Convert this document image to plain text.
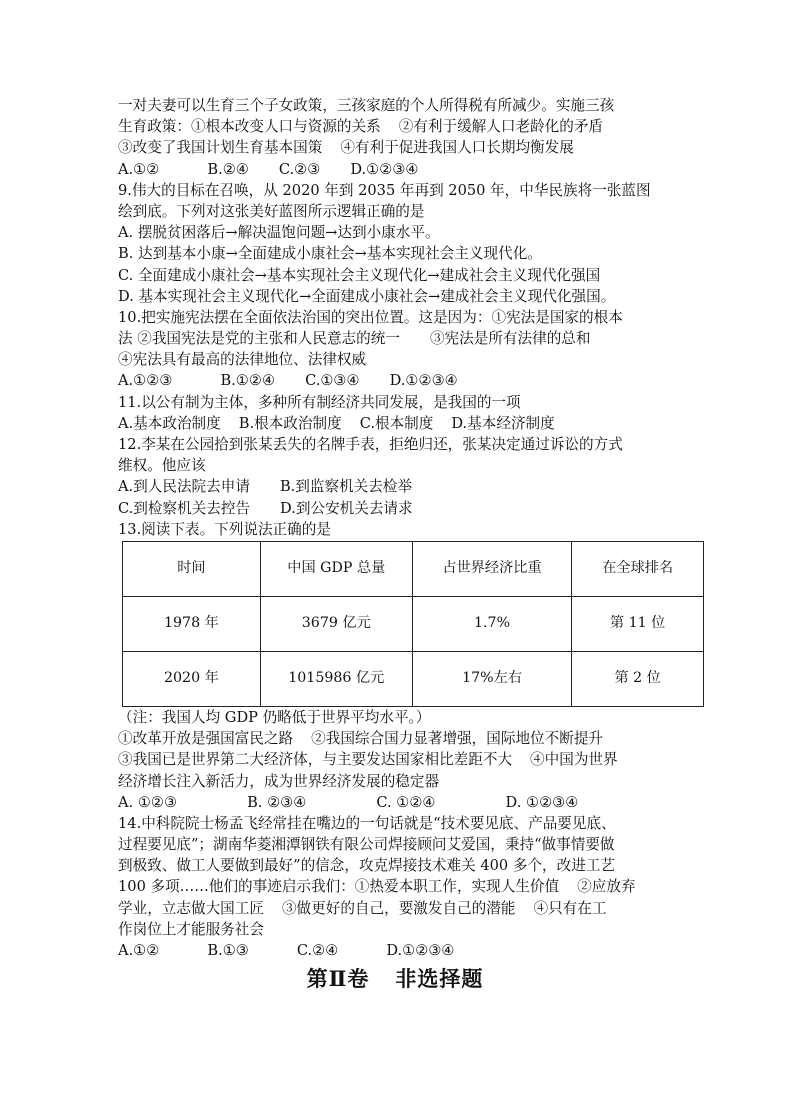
一对夫妻可以生育三个子女政策，三孩家庭的个人所得税有所减少。实施三孩
生育政策：①根本改变人口与资源的关系 ②有利于缓解人口老龄化的矛盾
③改变了我国计划生育基本国策 ④有利于促进我国人口长期均衡发展
A.①②	B.②④ C.②③ D.①②③④
9.伟大的目标在召唤，从 2020 年到 2035 年再到 2050 年，中华民族将一张蓝图
绘到底。下列对这张美好蓝图所示逻辑正确的是
A. 摆脱贫困落后→解决温饱问题→达到小康水平。
B. 达到基本小康→全面建成小康社会→基本实现社会主义现代化。
C. 全面建成小康社会→基本实现社会主义现代化→建成社会主义现代化强国
D. 基本实现社会主义现代化→全面建成小康社会→建成社会主义现代化强国。
10.把实施宪法摆在全面依法治国的突出位置。这是因为：①宪法是国家的根本
法 ②我国宪法是党的主张和人民意志的统一 ③宪法是所有法律的总和
④宪法具有最高的法律地位、法律权威
A.①②③	B.①②④ C.①③④ D.①②③④
11.以公有制为主体，多种所有制经济共同发展，是我国的一项
A.基本政治制度 B.根本政治制度 C.根本制度 D.基本经济制度
12.李某在公园拾到张某丢失的名牌手表，拒绝归还，张某决定通过诉讼的方式
维权。他应该
A.到人民法院去申请 B.到监察机关去检举
C.到检察机关去控告 D.到公安机关去请求
13.阅读下表。下列说法正确的是
时间	中国 GDP 总量	占世界经济比重	在全球排名
1978 年	3679 亿元	1.7%	第 11 位
2020 年	1015986 亿元	17%左右	第 2 位
（注：我国人均 GDP 仍略低于世界平均水平。）
①改革开放是强国富民之路 ②我国综合国力显著增强，国际地位不断提升
③我国已是世界第二大经济体，与主要发达国家相比差距不大 ④中国为世界
经济增长注入新活力，成为世界经济发展的稳定器
A. ①②③	B. ②③④	C. ①②④	D. ①②③④
14.中科院院士杨孟飞经常挂在嘴边的一句话就是“技术要见底、产品要见底、
过程要见底”；湖南华菱湘潭钢铁有限公司焊接顾问艾爱国，秉持“做事情要做
到极致、做工人要做到最好”的信念，攻克焊接技术难关 400 多个，改进工艺
100 多项……他们的事迹启示我们：①热爱本职工作，实现人生价值 ②应放弃
学业，立志做大国工匠 ③做更好的自己，要激发自己的潜能 ④只有在工
作岗位上才能服务社会
A.①②	B.①③	C.②④	D.①②③④
第Ⅱ卷 非选择题
